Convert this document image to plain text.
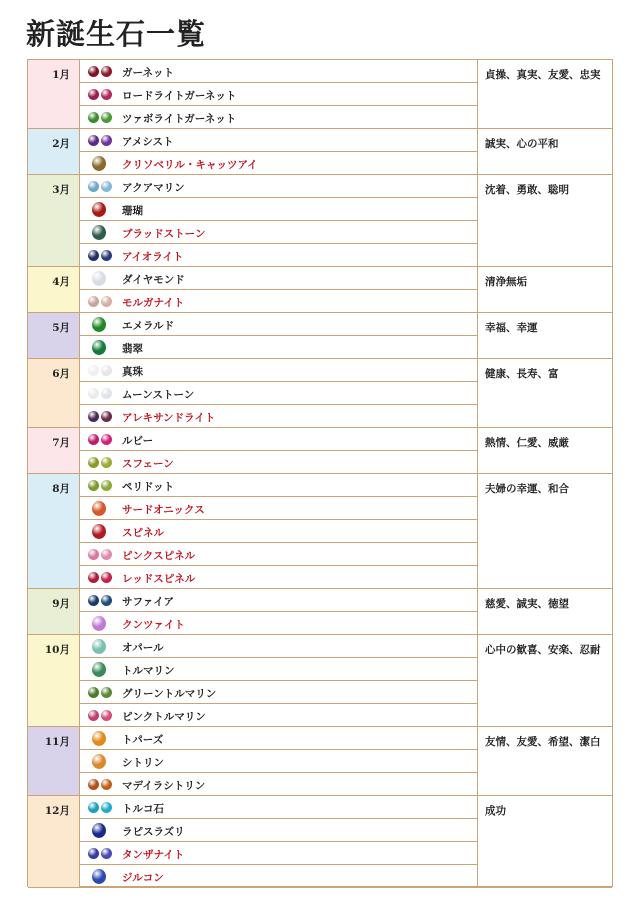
新誕生石一覧
1月
2月
3月
4月
5月
6月
7月
8月
9月
10月
11月
12月
ガーネット
ロードライトガーネット
ツァボライトガーネット
アメシスト
クリソベリル・キャッツアイ
アクアマリン
珊瑚
ブラッドストーン
アイオライト
ダイヤモンド
モルガナイト
エメラルド
翡翠
真珠
ムーンストーン
アレキサンドライト
ルビー
スフェーン
ペリドット
サードオニックス
スピネル
ピンクスピネル
レッドスピネル
サファイア
クンツァイト
オパール
トルマリン
グリーントルマリン
ピンクトルマリン
トパーズ
シトリン
マデイラシトリン
トルコ石
ラピスラズリ
タンザナイト
ジルコン
貞操、真実、友愛、忠実
誠実、心の平和
沈着、勇敢、聡明
清浄無垢
幸福、幸運
健康、長寿、富
熱情、仁愛、威厳
夫婦の幸運、和合
慈愛、誠実、徳望
心中の歓喜、安楽、忍耐
友情、友愛、希望、潔白
成功
